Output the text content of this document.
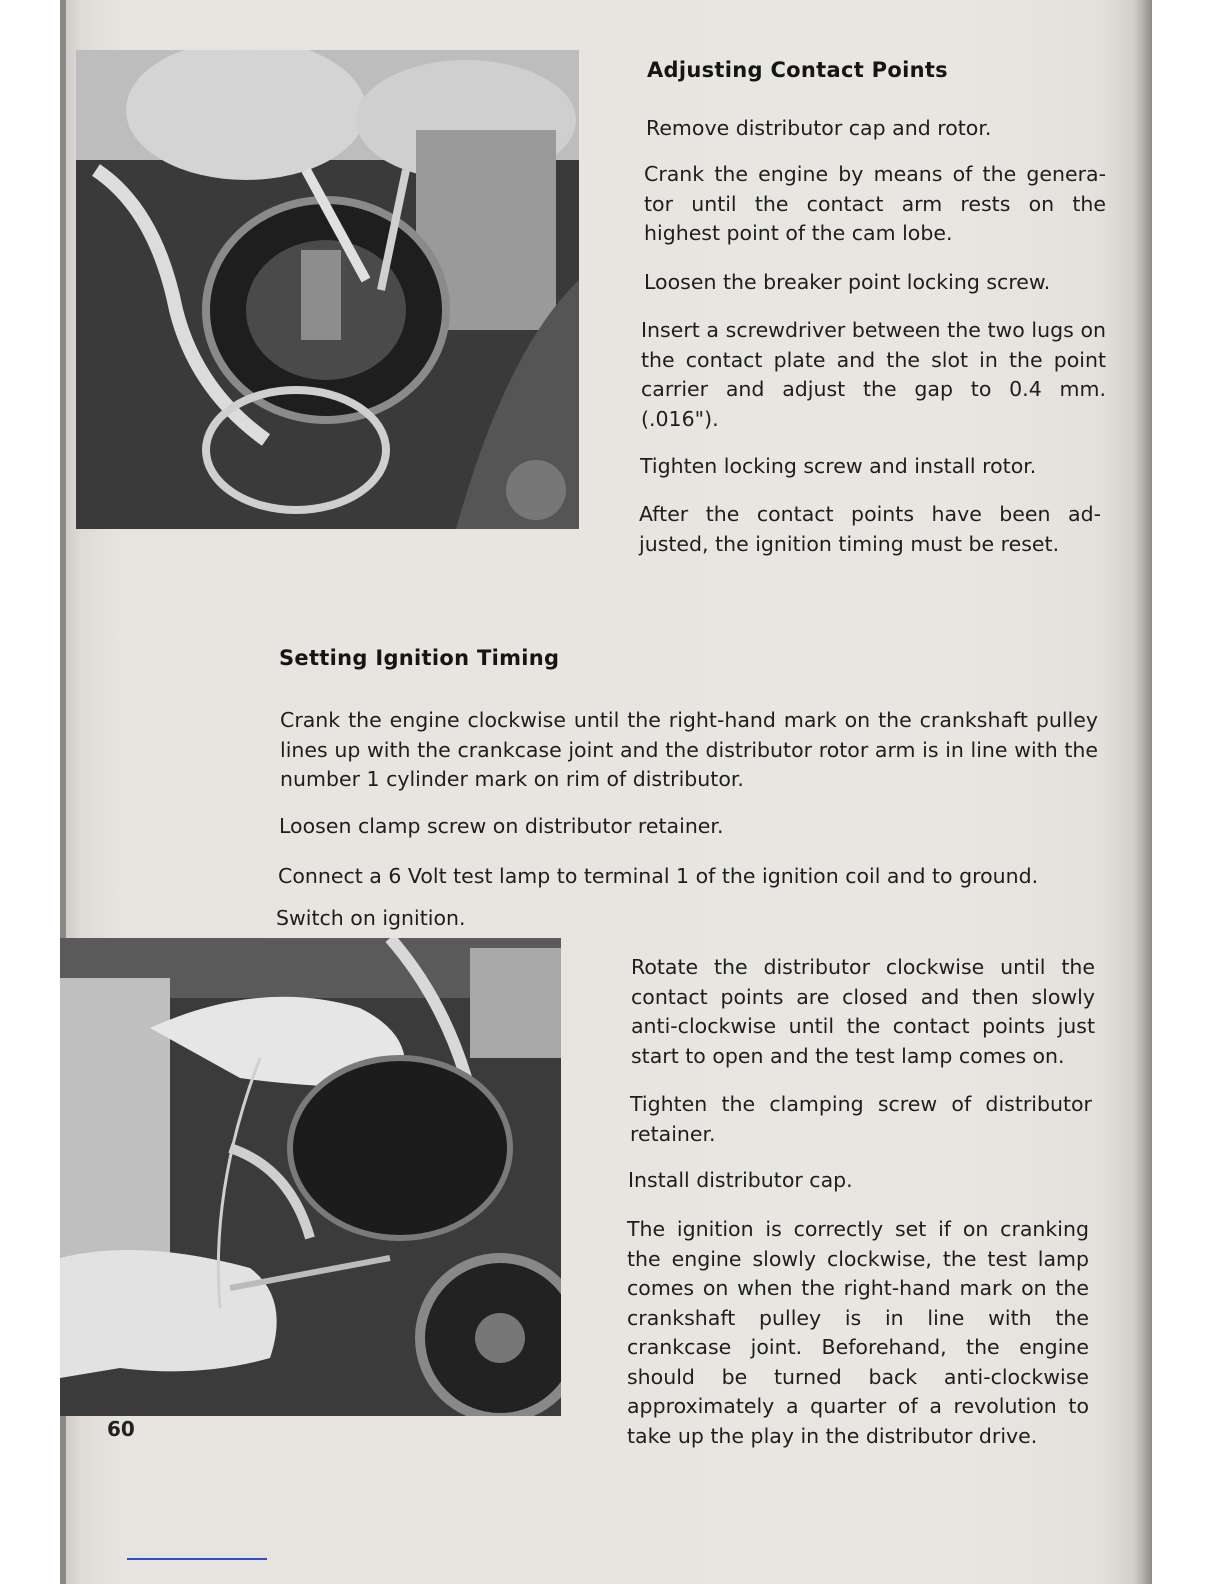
Adjusting Contact Points
Remove distributor cap and rotor.
Crank the engine by means of the genera-tor until the contact arm rests on the highest point of the cam lobe.
Loosen the breaker point locking screw.
Insert a screwdriver between the two lugs on the contact plate and the slot in the point carrier and adjust the gap to 0.4 mm. (.016").
Tighten locking screw and install rotor.
After the contact points have been ad-justed, the ignition timing must be reset.
Setting Ignition Timing
Crank the engine clockwise until the right-hand mark on the crankshaft pulley lines up with the crankcase joint and the distributor rotor arm is in line with the number 1 cylinder mark on rim of distributor.
Loosen clamp screw on distributor retainer.
Connect a 6 Volt test lamp to terminal 1 of the ignition coil and to ground.
Switch on ignition.
Rotate the distributor clockwise until the contact points are closed and then slowly anti-clockwise until the contact points just start to open and the test lamp comes on.
Tighten the clamping screw of distributor retainer.
Install distributor cap.
The ignition is correctly set if on cranking the engine slowly clockwise, the test lamp comes on when the right-hand mark on the crankshaft pulley is in line with the crankcase joint. Beforehand, the engine should be turned back anti-clockwise approximately a quarter of a revolution to take up the play in the distributor drive.
60
